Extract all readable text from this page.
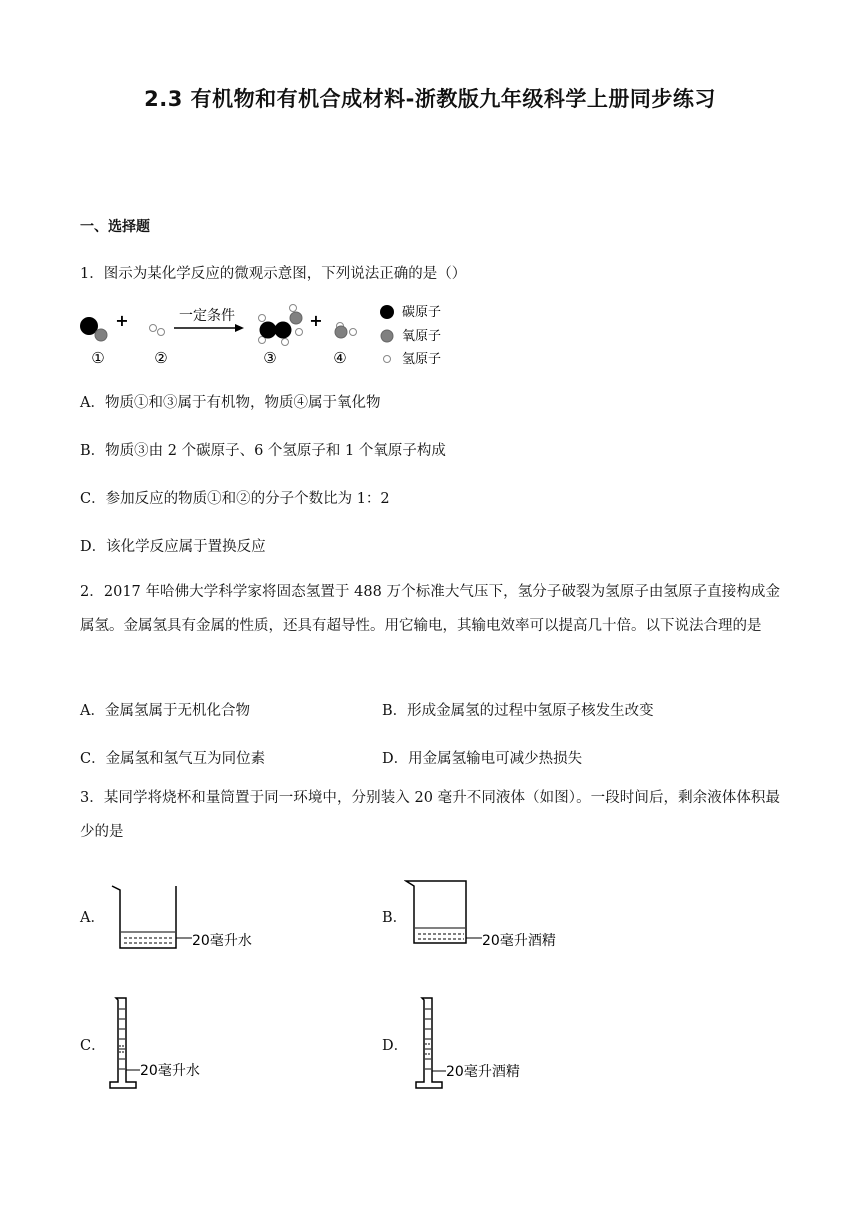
2.3 有机物和有机合成材料-浙教版九年级科学上册同步练习
一、选择题
1．图示为某化学反应的微观示意图，下列说法正确的是（）
+	一定条件	+
①	②	③	④
碳原子
氧原子
氢原子
A．物质①和③属于有机物，物质④属于氧化物
B．物质③由 2 个碳原子、6 个氢原子和 1 个氧原子构成
C．参加反应的物质①和②的分子个数比为 1：2
D．该化学反应属于置换反应
2．2017 年哈佛大学科学家将固态氢置于 488 万个标准大气压下，氢分子破裂为氢原子由氢原子直接构成金属氢。金属氢具有金属的性质，还具有超导性。用它输电，其输电效率可以提高几十倍。以下说法合理的是
A．金属氢属于无机化合物	B．形成金属氢的过程中氢原子核发生改变
C．金属氢和氢气互为同位素	D．用金属氢输电可减少热损失
3．某同学将烧杯和量筒置于同一环境中，分别装入 20 毫升不同液体（如图）。一段时间后，剩余液体体积最少的是
A．
20毫升水
B．
20毫升酒精
C．
20毫升水
D．
20毫升酒精
